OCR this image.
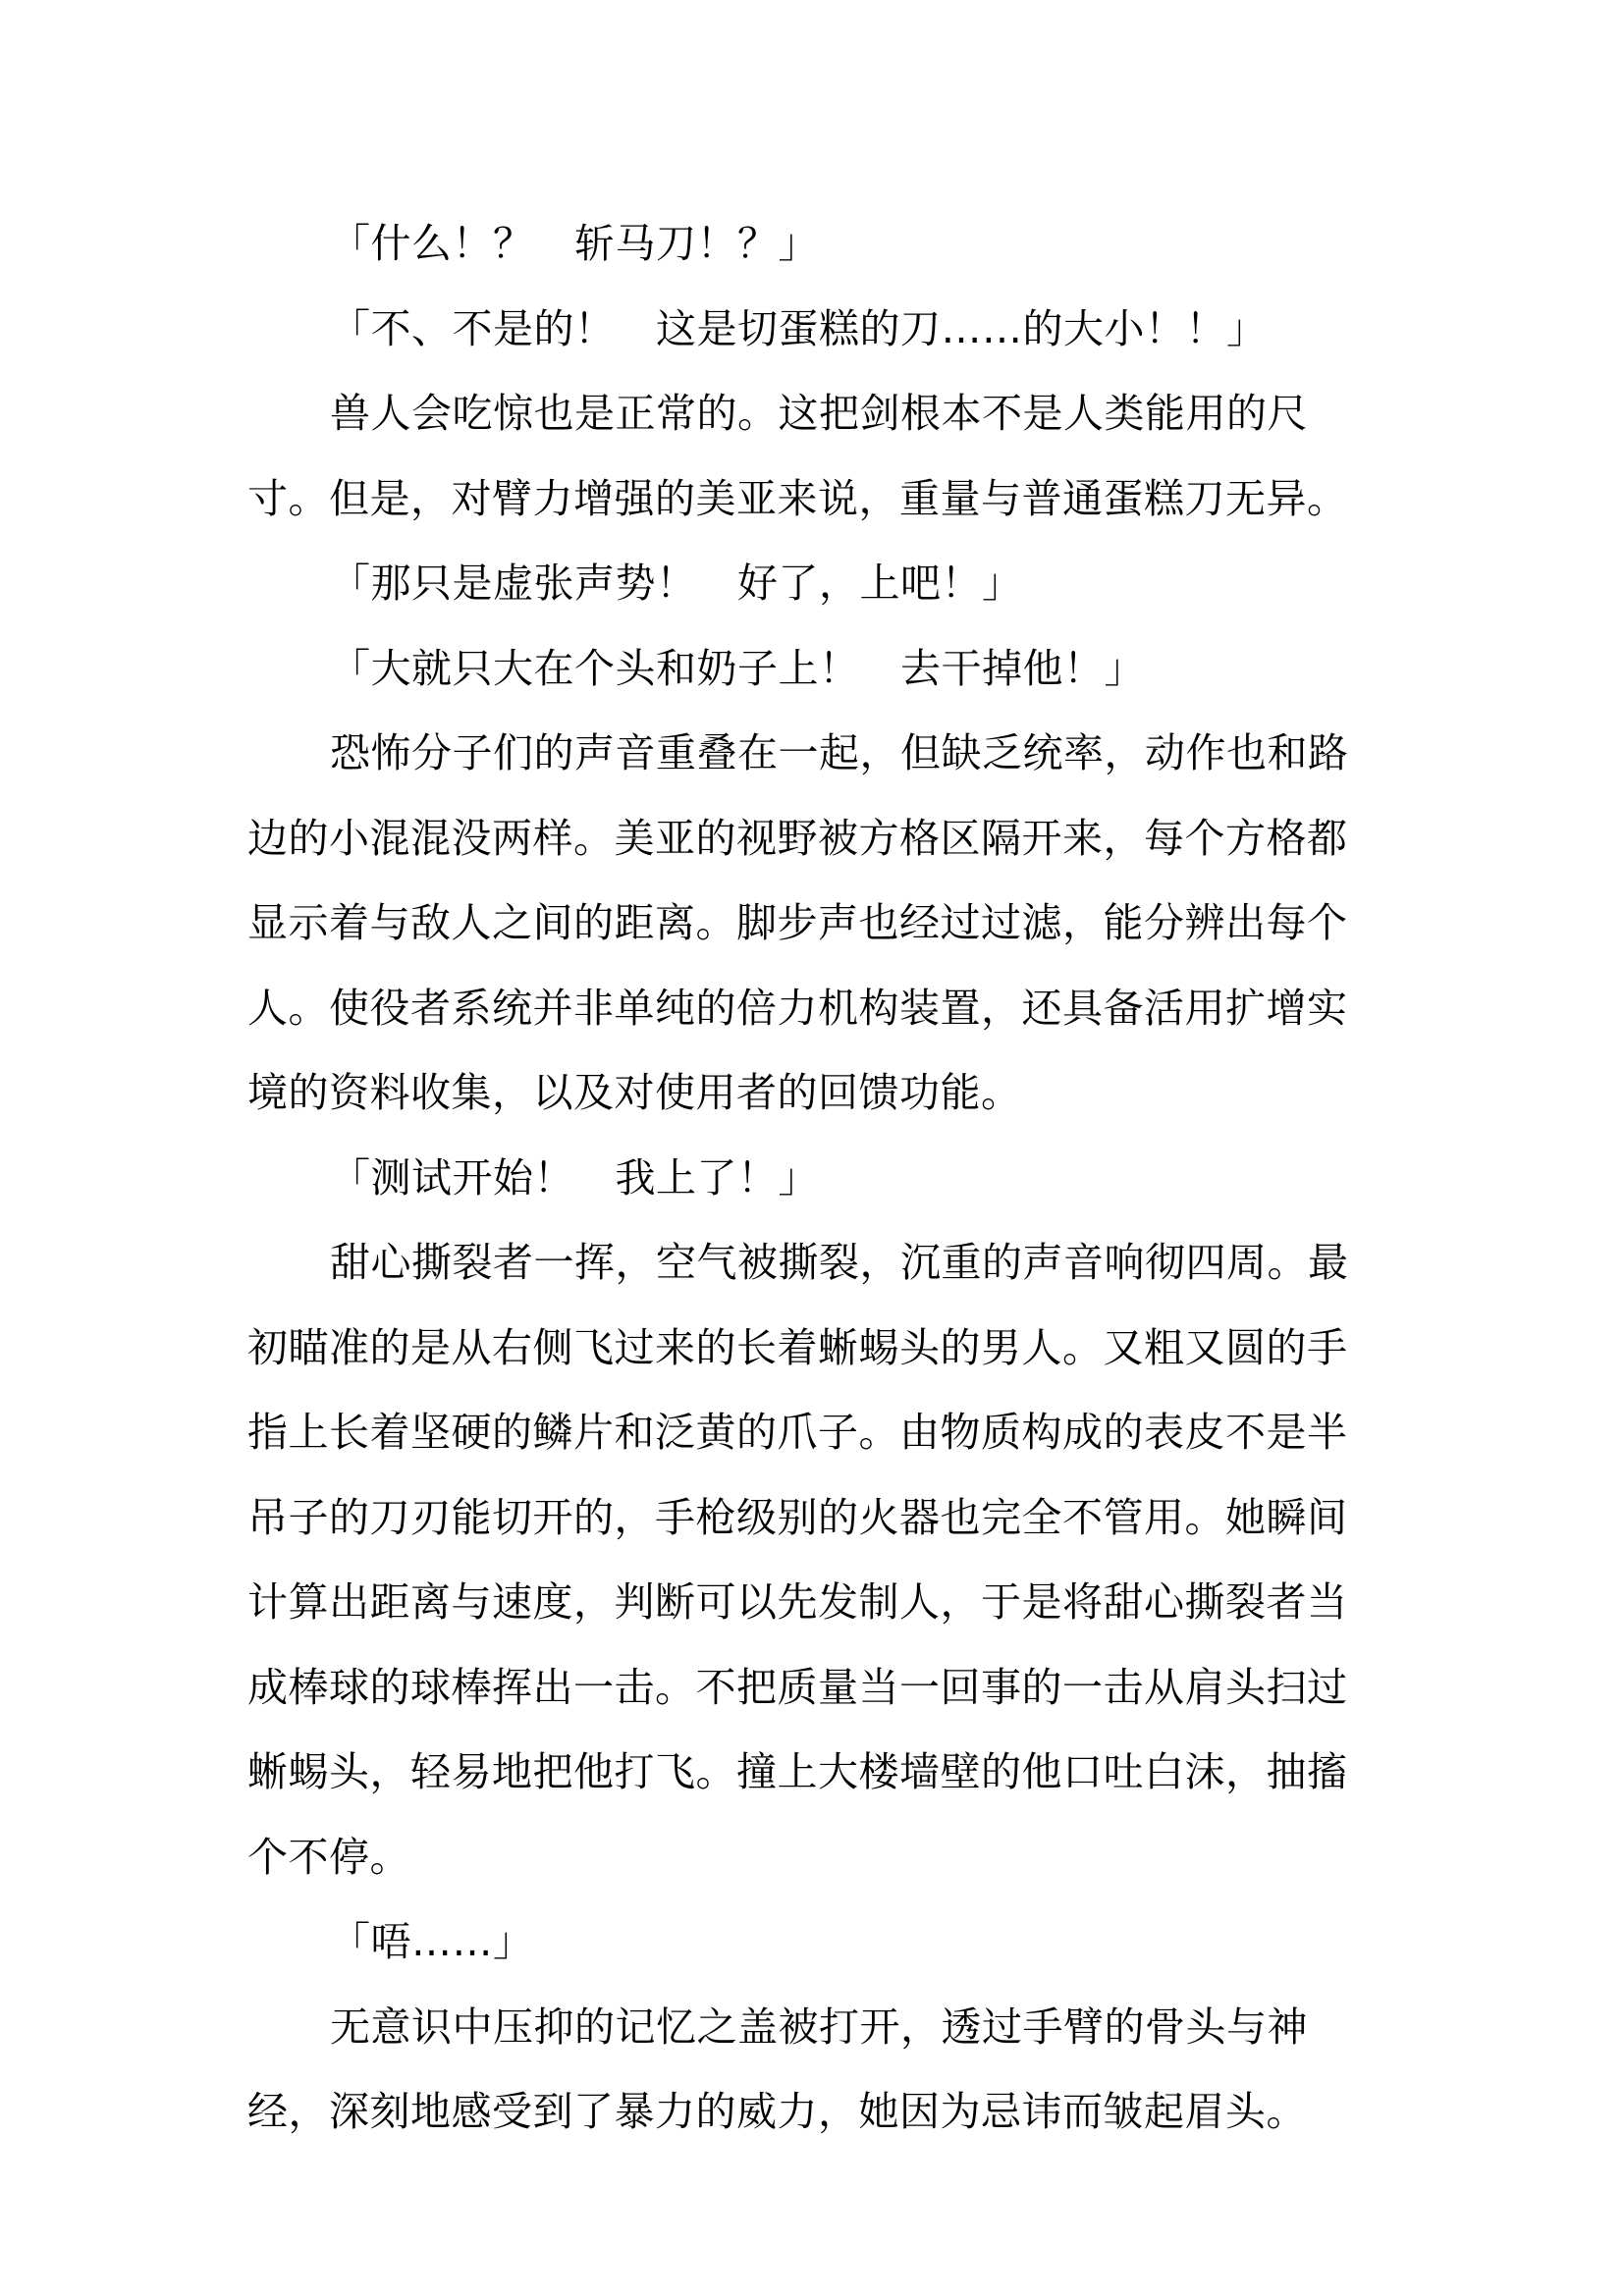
「什么！？　斩马刀！？」

「不、不是的！　这是切蛋糕的刀……的大小！！」

兽人会吃惊也是正常的。这把剑根本不是人类能用的尺寸。但是，对臂力增强的美亚来说，重量与普通蛋糕刀无异。

「那只是虚张声势！　好了，上吧！」

「大就只大在个头和奶子上！　去干掉他！」

恐怖分子们的声音重叠在一起，但缺乏统率，动作也和路边的小混混没两样。美亚的视野被方格区隔开来，每个方格都显示着与敌人之间的距离。脚步声也经过过滤，能分辨出每个人。使役者系统并非单纯的倍力机构装置，还具备活用扩增实境的资料收集，以及对使用者的回馈功能。

「测试开始！　我上了！」

甜心撕裂者一挥，空气被撕裂，沉重的声音响彻四周。最初瞄准的是从右侧飞过来的长着蜥蜴头的男人。又粗又圆的手指上长着坚硬的鳞片和泛黄的爪子。由物质构成的表皮不是半吊子的刀刃能切开的，手枪级别的火器也完全不管用。她瞬间计算出距离与速度，判断可以先发制人，于是将甜心撕裂者当成棒球的球棒挥出一击。不把质量当一回事的一击从肩头扫过蜥蜴头，轻易地把他打飞。撞上大楼墙壁的他口吐白沫，抽搐个不停。

「唔……」

无意识中压抑的记忆之盖被打开，透过手臂的骨头与神经，深刻地感受到了暴力的威力，她因为忌讳而皱起眉头。
